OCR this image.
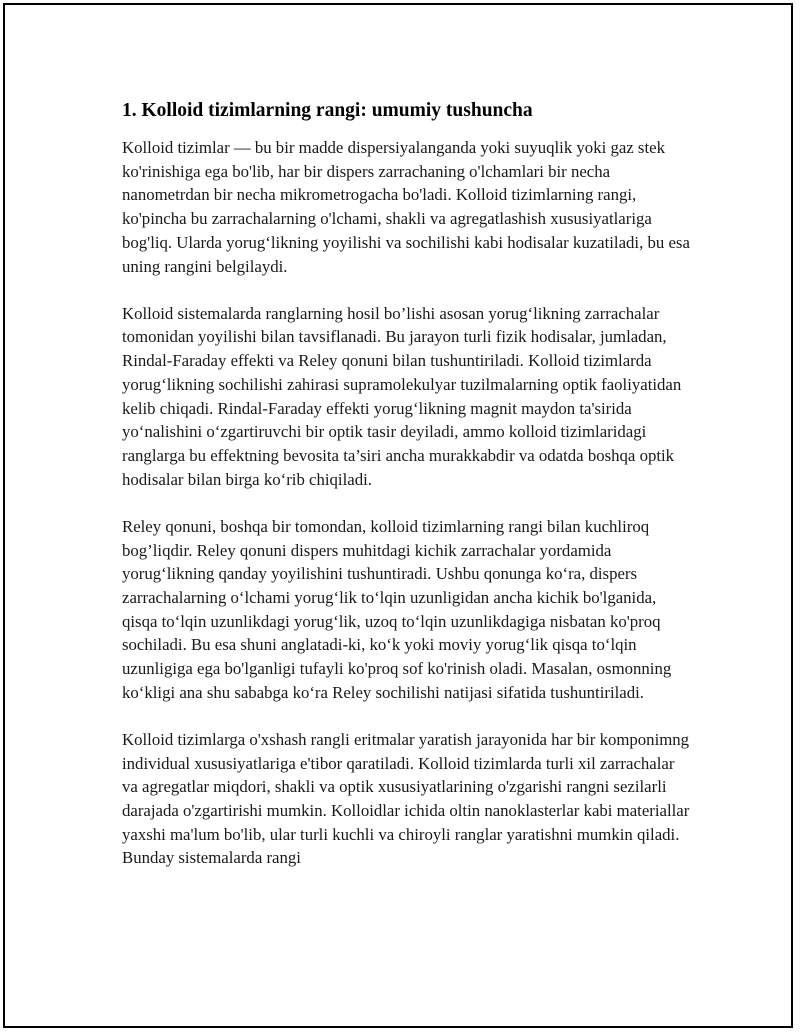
1. Kolloid tizimlarning rangi: umumiy tushuncha

Kolloid tizimlar — bu bir madde dispersiyalanganda yoki suyuqlik yoki gaz stek ko'rinishiga ega bo'lib, har bir dispers zarrachaning o'lchamlari bir necha nanometrdan bir necha mikrometrogacha bo'ladi. Kolloid tizimlarning rangi, ko'pincha bu zarrachalarning o'lchami, shakli va agregatlashish xususiyatlariga bog'liq. Ularda yorug‘likning yoyilishi va sochilishi kabi hodisalar kuzatiladi, bu esa uning rangini belgilaydi.

Kolloid sistemalarda ranglarning hosil bo’lishi asosan yorug‘likning zarrachalar tomonidan yoyilishi bilan tavsiflanadi. Bu jarayon turli fizik hodisalar, jumladan, Rindal-Faraday effekti va Reley qonuni bilan tushuntiriladi. Kolloid tizimlarda yorug‘likning sochilishi zahirasi supramolekulyar tuzilmalarning optik faoliyatidan kelib chiqadi. Rindal-Faraday effekti yorug‘likning magnit maydon ta'sirida yo‘nalishini o‘zgartiruvchi bir optik tasir deyiladi, ammo kolloid tizimlaridagi ranglarga bu effektning bevosita ta’siri ancha murakkabdir va odatda boshqa optik hodisalar bilan birga ko‘rib chiqiladi.

Reley qonuni, boshqa bir tomondan, kolloid tizimlarning rangi bilan kuchliroq bog’liqdir. Reley qonuni dispers muhitdagi kichik zarrachalar yordamida yorug‘likning qanday yoyilishini tushuntiradi. Ushbu qonunga ko‘ra, dispers zarrachalarning o‘lchami yorug‘lik to‘lqin uzunligidan ancha kichik bo'lganida, qisqa to‘lqin uzunlikdagi yorug‘lik, uzoq to‘lqin uzunlikdagiga nisbatan ko'proq sochiladi. Bu esa shuni anglatadi-ki, ko‘k yoki moviy yorug‘lik qisqa to‘lqin uzunligiga ega bo'lganligi tufayli ko'proq sof ko'rinish oladi. Masalan, osmonning ko‘kligi ana shu sababga ko‘ra Reley sochilishi natijasi sifatida tushuntiriladi.

Kolloid tizimlarga o'xshash rangli eritmalar yaratish jarayonida har bir komponimng individual xususiyatlariga e'tibor qaratiladi. Kolloid tizimlarda turli xil zarrachalar va agregatlar miqdori, shakli va optik xususiyatlarining o'zgarishi rangni sezilarli darajada o'zgartirishi mumkin. Kolloidlar ichida oltin nanoklasterlar kabi materiallar yaxshi ma'lum bo'lib, ular turli kuchli va chiroyli ranglar yaratishni mumkin qiladi. Bunday sistemalarda rangi
